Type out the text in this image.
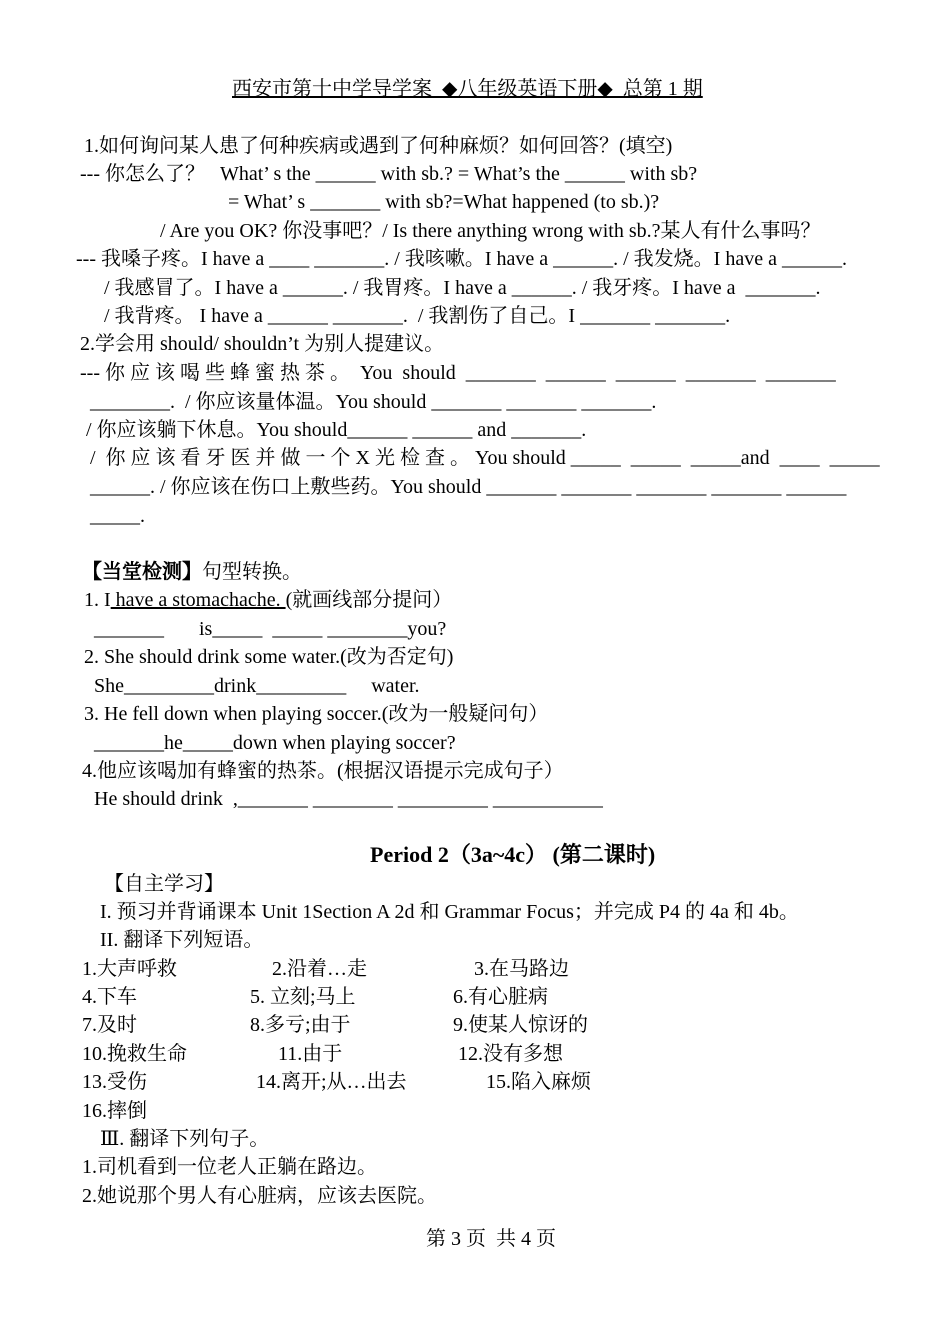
西安市第十中学导学案  ◆八年级英语下册◆  总第 1 期
1.如何询问某人患了何种疾病或遇到了何种麻烦？如何回答？(填空)
--- 你怎么了？   What’ s the ______ with sb.? = What’s the ______ with sb?
= What’ s _______ with sb?=What happened (to sb.)?
/ Are you OK? 你没事吧？/ Is there anything wrong with sb.?某人有什么事吗？
--- 我嗓子疼。I have a ____ _______. / 我咳嗽。I have a ______. / 我发烧。I have a ______.
/ 我感冒了。I have a ______. / 我胃疼。I have a ______. / 我牙疼。I have a  _______.
/ 我背疼。 I have a ______ _______.  / 我割伤了自己。I _______ _______.
2.学会用 should/ shouldn’t 为别人提建议。
--- 你 应 该 喝 些 蜂 蜜 热 茶 。  You  should  _______  ______  ______  _______  _______
________.  / 你应该量体温。You should _______ _______ _______.
/ 你应该躺下休息。You should______ ______ and _______.
/  你 应 该 看 牙 医 并 做 一 个 X 光 检 查 。 You should _____  _____  _____and  ____  _____
______. / 你应该在伤口上敷些药。You should _______ _______ _______ _______ ______
_____.
【当堂检测】句型转换。
1. I have a stomachache. (就画线部分提问）
_______       is_____  _____ ________you?
2. She should drink some water.(改为否定句)
She_________drink_________     water.
3. He fell down when playing soccer.(改为一般疑问句）
_______he_____down when playing soccer?
4.他应该喝加有蜂蜜的热茶。(根据汉语提示完成句子）
He should drink  ,_______ ________ _________ ___________
Period 2（3a~4c） (第二课时)
【自主学习】
I. 预习并背诵课本 Unit 1Section A 2d 和 Grammar Focus；并完成 P4 的 4a 和 4b。
II. 翻译下列短语。
1.大声呼救	2.沿着…走	3.在马路边
4.下车	5. 立刻;马上	6.有心脏病
7.及时	8.多亏;由于	9.使某人惊讶的
10.挽救生命	11.由于	12.没有多想
13.受伤	14.离开;从…出去	15.陷入麻烦
16.摔倒
Ⅲ. 翻译下列句子。
1.司机看到一位老人正躺在路边。
2.她说那个男人有心脏病，应该去医院。
第 3 页  共 4 页
